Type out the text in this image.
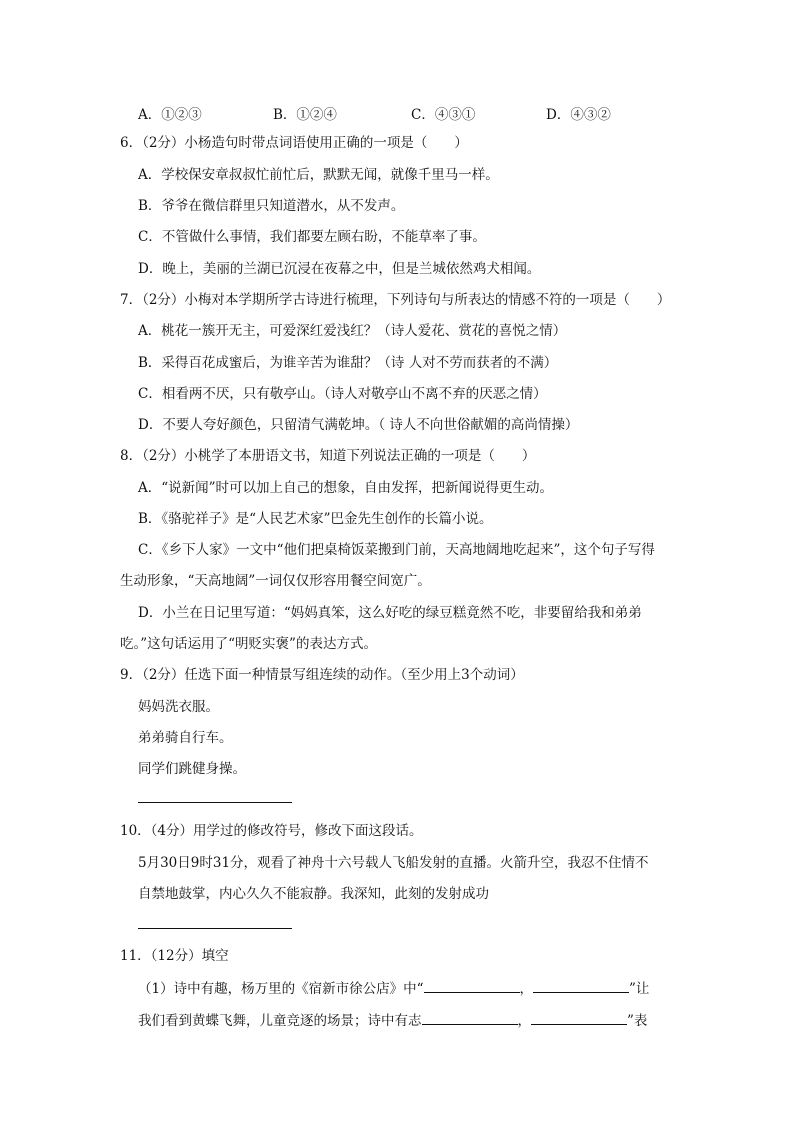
A．①②③	B．①②④	C．④③①	D．④③②
6．（2分）小杨造句时带点词语使用正确的一项是（　　）
A．学校保安章叔叔忙前忙后，默默无闻，就像千里马一样。
B．爷爷在微信群里只知道潜水，从不发声。
C．不管做什么事情，我们都要左顾右盼，不能草率了事。
D．晚上，美丽的兰湖已沉浸在夜幕之中，但是兰城依然鸡犬相闻。
7．（2分）小梅对本学期所学古诗进行梳理，下列诗句与所表达的情感不符的一项是（　　）
A．桃花一簇开无主，可爱深红爱浅红？（诗人爱花、赏花的喜悦之情）
B．采得百花成蜜后，为谁辛苦为谁甜？（诗 人对不劳而获者的不满）
C．相看两不厌，只有敬亭山。（诗人对敬亭山不离不弃的厌恶之情）
D．不要人夸好颜色，只留清气满乾坤。（ 诗人不向世俗献媚的高尚情操）
8．（2分）小桃学了本册语文书，知道下列说法正确的一项是（　　）
A．“说新闻”时可以加上自己的想象，自由发挥，把新闻说得更生动。
B．《骆驼祥子》是“人民艺术家”巴金先生创作的长篇小说。
C．《乡下人家》一文中“他们把桌椅饭菜搬到门前，天高地阔地吃起来”，这个句子写得
生动形象，“天高地阔”一词仅仅形容用餐空间宽广。
D．小兰在日记里写道：“妈妈真笨，这么好吃的绿豆糕竟然不吃，非要留给我和弟弟
吃。”这句话运用了“明贬实褒”的表达方式。
9．（2分）任选下面一种情景写组连续的动作。（至少用上3个动词）
妈妈洗衣服。
弟弟骑自行车。
同学们跳健身操。
10．（4分）用学过的修改符号，修改下面这段话。
5月30日9时31分，观看了神舟十六号载人飞船发射的直播。火箭升空，我忍不住情不
自禁地鼓掌，内心久久不能寂静。我深知，此刻的发射成功
11．（12分）填空
（1）诗中有趣，杨万里的《宿新市徐公店》中“	，	”让
我们看到黄蝶飞舞，儿童竞逐的场景；诗中有志	，	”表
